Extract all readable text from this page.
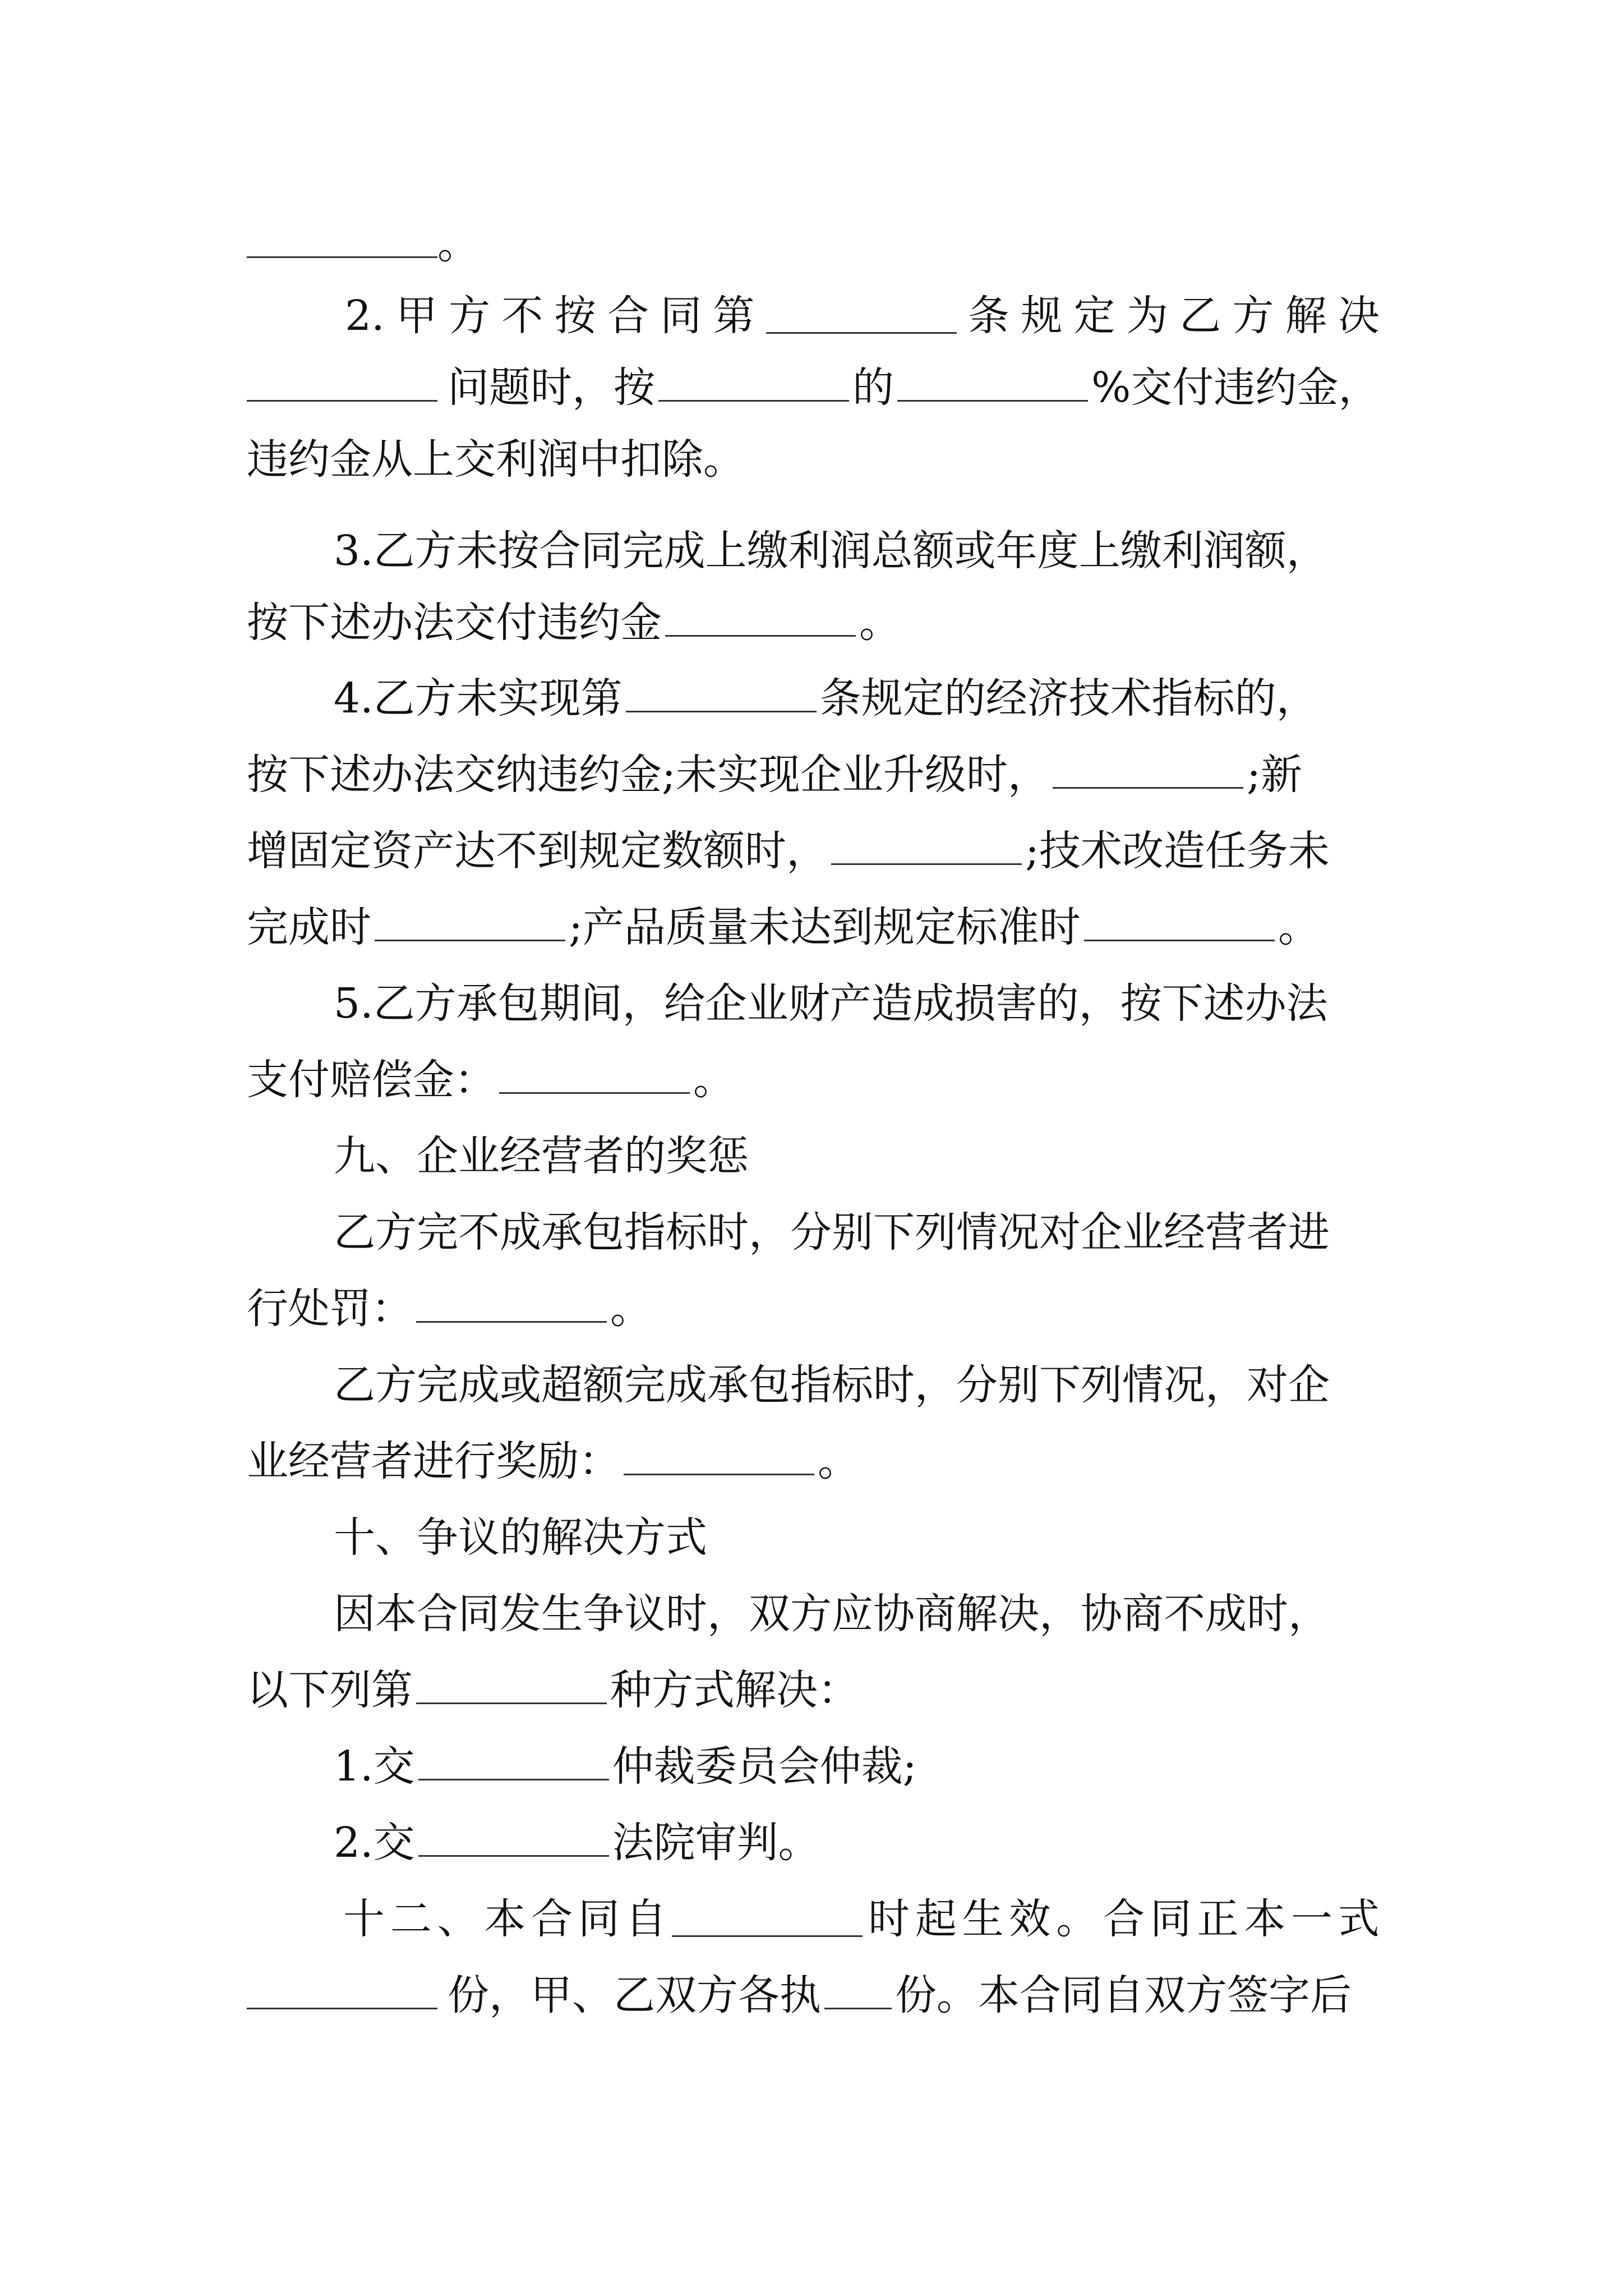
。
2. 甲 方 不 按 合 同 第	条 规 定 为 乙 方 解 决
问题时，按	的	%交付违约金，
违约金从上交利润中扣除。
3.乙方未按合同完成上缴利润总额或年度上缴利润额，
按下述办法交付违约金	。
4.乙方未实现第	条规定的经济技术指标的，
按下述办法交纳违约金;未实现企业升级时，	;新
增固定资产达不到规定数额时，	;技术改造任务未
完成时	;产品质量未达到规定标准时	。
5.乙方承包期间，给企业财产造成损害的，按下述办法
支付赔偿金：	。
九、企业经营者的奖惩
乙方完不成承包指标时，分别下列情况对企业经营者进
行处罚：	。
乙方完成或超额完成承包指标时，分别下列情况，对企
业经营者进行奖励：	。
十、争议的解决方式
因本合同发生争议时，双方应协商解决，协商不成时，
以下列第	种方式解决：
1.交	仲裁委员会仲裁;
2.交	法院审判。
十 二 、 本 合 同 自	时 起 生 效 。 合 同 正 本 一 式
份，甲、乙双方各执 份。本合同自双方签字后
